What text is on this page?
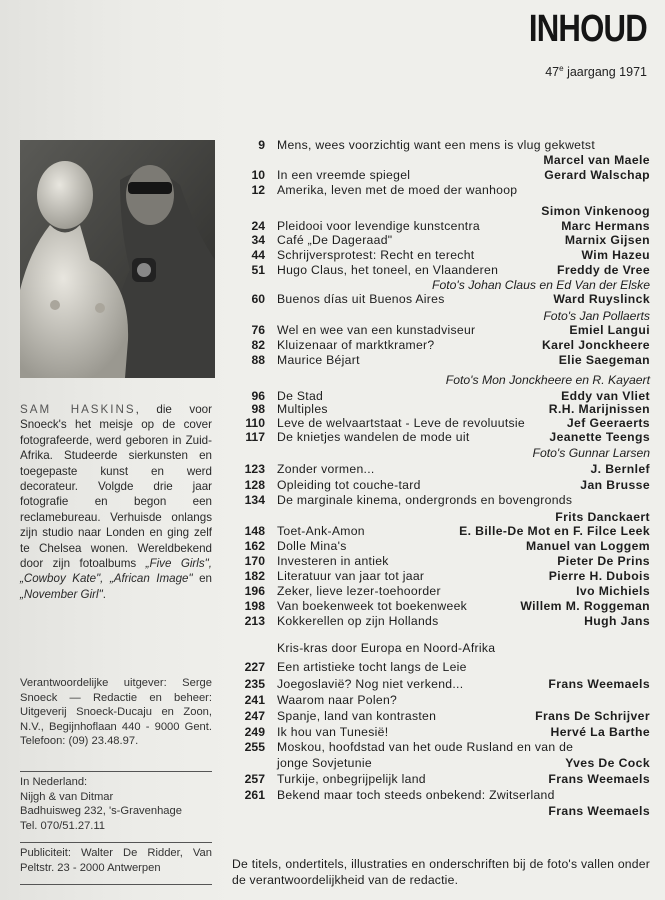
INHOUD
47e jaargang 1971
SAM HASKINS, die voor Snoeck's het meisje op de cover fotografeerde, werd geboren in Zuid-Afrika. Studeerde sierkunsten en toegepaste kunst en werd decorateur. Volgde drie jaar fotografie en begon een reclamebureau. Verhuisde onlangs zijn studio naar Londen en ging zelf te Chelsea wonen. Wereldbekend door zijn fotoalbums „Five Girls", „Cowboy Kate", „African Image" en „November Girl".
Verantwoordelijke uitgever: Serge Snoeck — Redactie en beheer: Uitgeverij Snoeck-Ducaju en Zoon, N.V., Begijnhoflaan 440 - 9000 Gent. Telefoon: (09) 23.48.97.
In Nederland:
Nijgh & van Ditmar
Badhuisweg 232, 's-Gravenhage
Tel. 070/51.27.11
Publiciteit: Walter De Ridder, Van Peltstr. 23 - 2000 Antwerpen
9 Mens, wees voorzichtig want een mens is vlug gekwetst
Marcel van Maele
10 In een vreemde spiegel	Gerard Walschap
12 Amerika, leven met de moed der wanhoop
Simon Vinkenoog
24 Pleidooi voor levendige kunstcentra	Marc Hermans
34 Café „De Dageraad"	Marnix Gijsen
44 Schrijversprotest: Recht en terecht	Wim Hazeu
51 Hugo Claus, het toneel, en Vlaanderen	Freddy de Vree
Foto's Johan Claus en Ed Van der Elske
60 Buenos días uit Buenos Aires	Ward Ruyslinck
Foto's Jan Pollaerts
76 Wel en wee van een kunstadviseur	Emiel Langui
82 Kluizenaar of marktkramer?	Karel Jonckheere
88 Maurice Béjart	Elie Saegeman
Foto's Mon Jonckheere en R. Kayaert
96 De Stad	Eddy van Vliet
98 Multiples	R.H. Marijnissen
110 Leve de welvaartstaat - Leve de revoluutsie	Jef Geeraerts
117 De knietjes wandelen de mode uit	Jeanette Teengs
Foto's Gunnar Larsen
123 Zonder vormen...	J. Bernlef
128 Opleiding tot couche-tard	Jan Brusse
134 De marginale kinema, ondergronds en bovengronds
Frits Danckaert
148 Toet-Ank-Amon	E. Bille-De Mot en F. Filce Leek
162 Dolle Mina's	Manuel van Loggem
170 Investeren in antiek	Pieter De Prins
182 Literatuur van jaar tot jaar	Pierre H. Dubois
196 Zeker, lieve lezer-toehoorder	Ivo Michiels
198 Van boekenweek tot boekenweek	Willem M. Roggeman
213 Kokkerellen op zijn Hollands	Hugh Jans
Kris-kras door Europa en Noord-Afrika
227 Een artistieke tocht langs de Leie
235 Joegoslavië? Nog niet verkend...	Frans Weemaels
241 Waarom naar Polen?
247 Spanje, land van kontrasten	Frans De Schrijver
249 Ik hou van Tunesië!	Hervé La Barthe
255 Moskou, hoofdstad van het oude Rusland en van de
jonge Sovjetunie	Yves De Cock
257 Turkije, onbegrijpelijk land	Frans Weemaels
261 Bekend maar toch steeds onbekend: Zwitserland
Frans Weemaels
De titels, ondertitels, illustraties en onderschriften bij de foto's vallen onder de verantwoordelijkheid van de redactie.
